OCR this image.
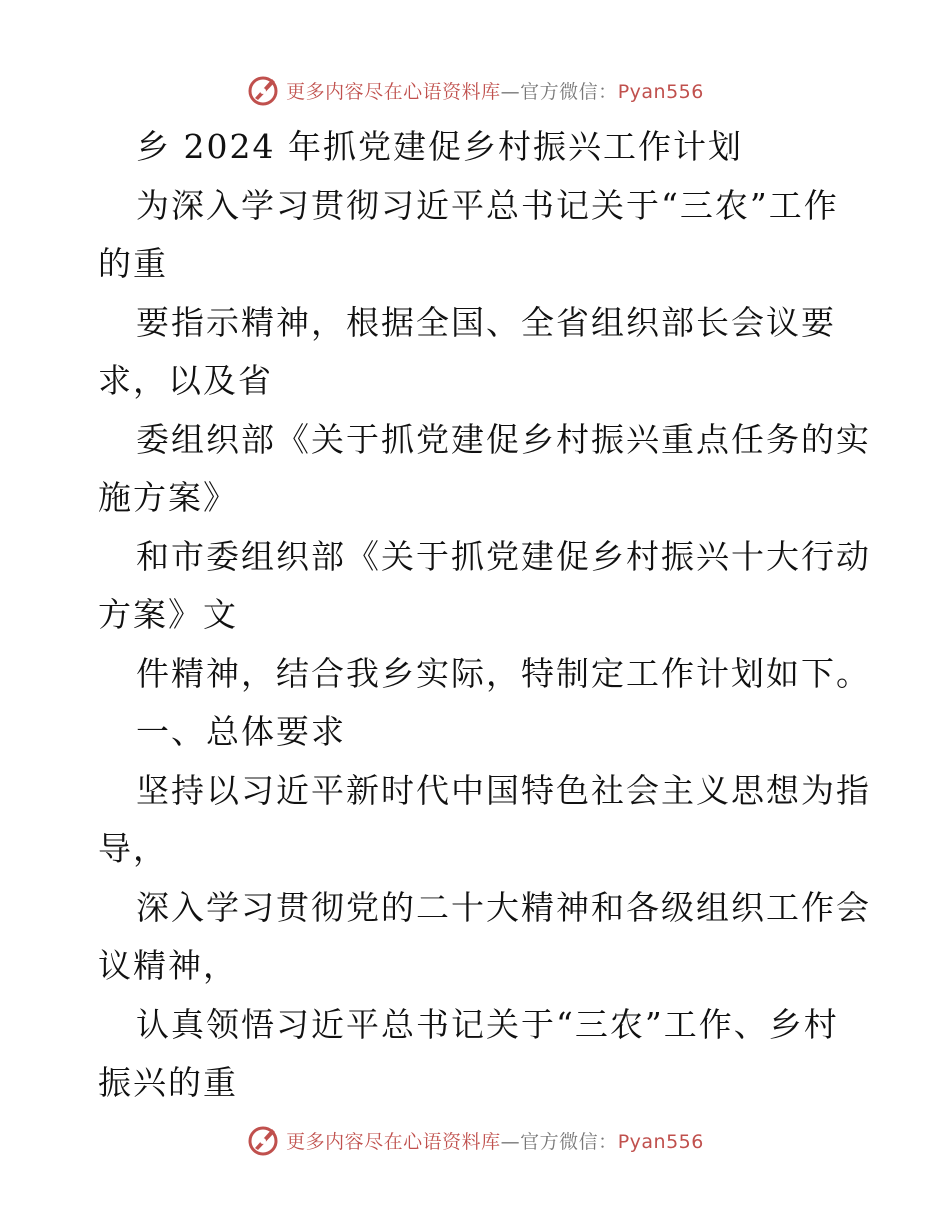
更多内容尽在心语资料库—官方微信：Pyan556
乡 2024 年抓党建促乡村振兴工作计划
为深入学习贯彻习近平总书记关于“三农”工作
的重
要指示精神，根据全国、全省组织部长会议要
求，以及省
委组织部《关于抓党建促乡村振兴重点任务的实
施方案》
和市委组织部《关于抓党建促乡村振兴十大行动
方案》文
件精神，结合我乡实际，特制定工作计划如下。
一、总体要求
坚持以习近平新时代中国特色社会主义思想为指
导，
深入学习贯彻党的二十大精神和各级组织工作会
议精神，
认真领悟习近平总书记关于“三农”工作、乡村
振兴的重
更多内容尽在心语资料库—官方微信：Pyan556
